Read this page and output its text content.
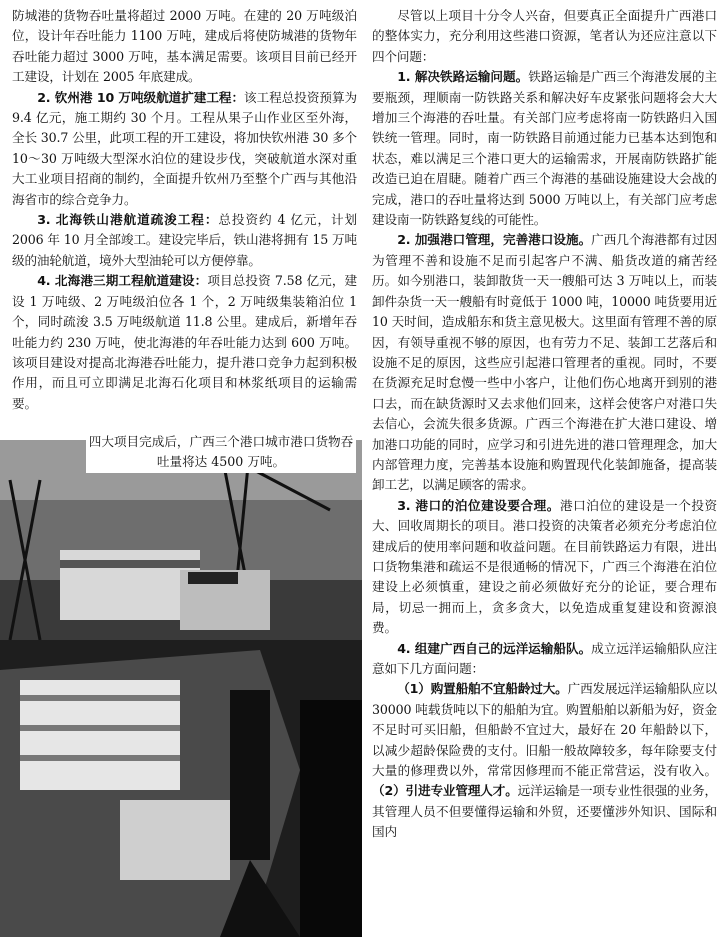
防城港的货物吞吐量将超过 2000 万吨。在建的 20 万吨级泊位，设计年吞吐能力 1100 万吨，建成后将使防城港的货物年吞吐能力超过 3000 万吨，基本满足需要。该项目目前已经开工建设，计划在 2005 年底建成。

2. 钦州港 10 万吨级航道扩建工程：该工程总投资预算为 9.4 亿元，施工期约 30 个月。工程从果子山作业区至外海，全长 30.7 公里，此项工程的开工建设，将加快钦州港 30 多个 10～30 万吨级大型深水泊位的建设步伐，突破航道水深对重大工业项目招商的制约，全面提升钦州乃至整个广西与其他沿海省市的综合竞争力。

3. 北海铁山港航道疏浚工程：总投资约 4 亿元，计划 2006 年 10 月全部竣工。建设完毕后，铁山港将拥有 15 万吨级的油轮航道，境外大型油轮可以方便停靠。

4. 北海港三期工程航道建设：项目总投资 7.58 亿元，建设 1 万吨级、2 万吨级泊位各 1 个，2 万吨级集装箱泊位 1 个，同时疏浚 3.5 万吨级航道 11.8 公里。建成后，新增年吞吐能力约 230 万吨，使北海港的年吞吐能力达到 600 万吨。该项目建设对提高北海港吞吐能力，提升港口竞争力起到积极作用，而且可立即满足北海石化项目和林浆纸项目的运输需要。

四大项目完成后，广西三个港口城市港口货物吞吐量将达 4500 万吨。

尽管以上项目十分令人兴奋，但要真正全面提升广西港口的整体实力，充分利用这些港口资源，笔者认为还应注意以下四个问题：

1. 解决铁路运输问题。铁路运输是广西三个海港发展的主要瓶颈，理顺南一防铁路关系和解决好车皮紧张问题将会大大增加三个海港的吞吐量。有关部门应考虑将南一防铁路归入国铁统一管理。同时，南一防铁路目前通过能力已基本达到饱和状态，难以满足三个港口更大的运输需求，开展南防铁路扩能改造已迫在眉睫。随着广西三个海港的基础设施建设大会战的完成，港口的吞吐量将达到 5000 万吨以上，有关部门应考虑建设南一防铁路复线的可能性。

2. 加强港口管理，完善港口设施。广西几个海港都有过因为管理不善和设施不足而引起客户不满、船货改道的痛苦经历。如今别港口，装卸散货一天一艘船可达 3 万吨以上，而装卸件杂货一天一艘船有时竟低于 1000 吨，10000 吨货要用近 10 天时间，造成船东和货主意见极大。这里面有管理不善的原因，有领导重视不够的原因，也有劳力不足、装卸工艺落后和设施不足的原因，这些应引起港口管理者的重视。同时，不要在货源充足时怠慢一些中小客户，让他们伤心地离开到别的港口去，而在缺货源时又去求他们回来，这样会使客户对港口失去信心，会流失很多货源。广西三个海港在扩大港口建设、增加港口功能的同时，应学习和引进先进的港口管理理念，加大内部管理力度，完善基本设施和购置现代化装卸施备，提高装卸工艺，以满足顾客的需求。

3. 港口的泊位建设要合理。港口泊位的建设是一个投资大、回收周期长的项目。港口投资的决策者必须充分考虑泊位建成后的使用率问题和收益问题。在目前铁路运力有限，进出口货物集港和疏运不是很通畅的情况下，广西三个海港在泊位建设上必须慎重，建设之前必须做好充分的论证，要合理布局，切忌一拥而上，贪多贪大，以免造成重复建设和资源浪费。

4. 组建广西自己的远洋运输船队。成立远洋运输船队应注意如下几方面问题：

（1）购置船舶不宜船龄过大。广西发展远洋运输船队应以 30000 吨载货吨以下的船舶为宜。购置船舶以新船为好，资金不足时可买旧船，但船龄不宜过大，最好在 20 年船龄以下，以减少超龄保险费的支付。旧船一般故障较多，每年除要支付大量的修理费以外，常常因修理而不能正常营运，没有收入。（2）引进专业管理人才。远洋运输是一项专业性很强的业务，其管理人员不但要懂得运输和外贸，还要懂涉外知识、国际和国内
